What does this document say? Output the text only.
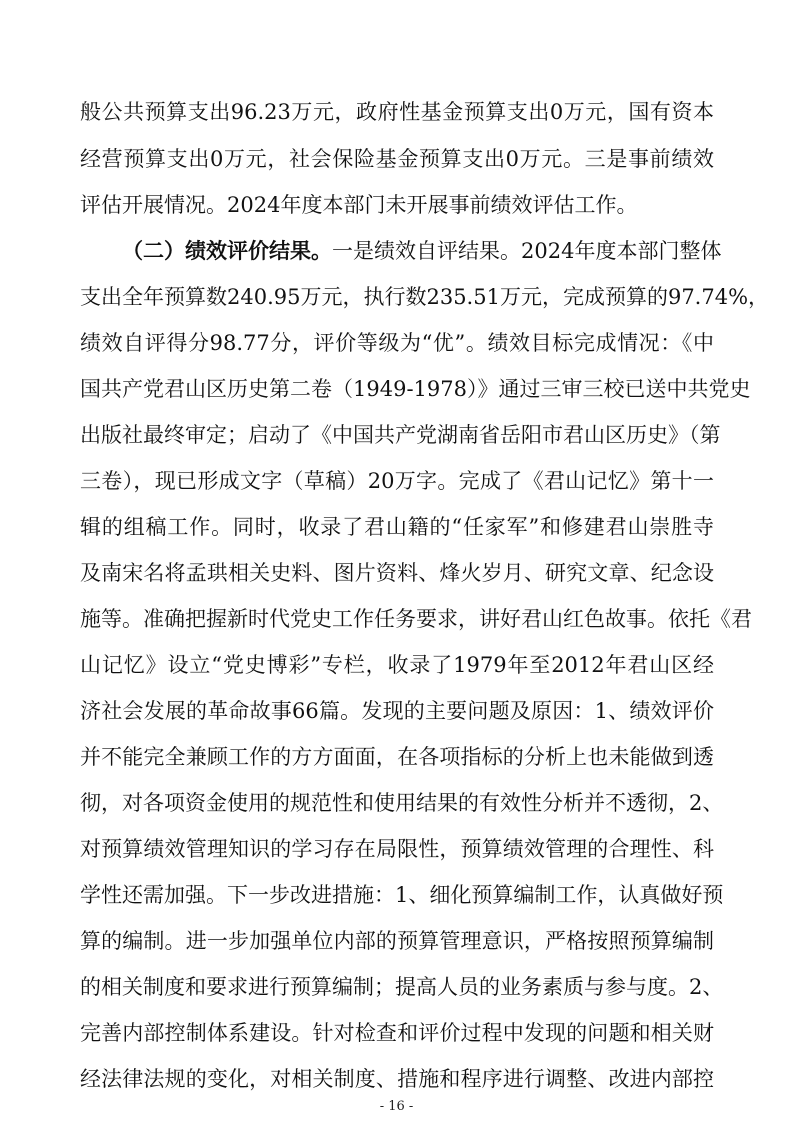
般公共预算支出96.23万元，政府性基金预算支出0万元，国有资本
经营预算支出0万元，社会保险基金预算支出0万元。三是事前绩效
评估开展情况。2024年度本部门未开展事前绩效评估工作。
（二）绩效评价结果。一是绩效自评结果。2024年度本部门整体
支出全年预算数240.95万元，执行数235.51万元，完成预算的97.74%，
绩效自评得分98.77分，评价等级为“优”。绩效目标完成情况：《中
国共产党君山区历史第二卷（1949-1978）》通过三审三校已送中共党史
出版社最终审定；启动了《中国共产党湖南省岳阳市君山区历史》（第
三卷），现已形成文字（草稿）20万字。完成了《君山记忆》第十一
辑的组稿工作。同时，收录了君山籍的“任家军”和修建君山崇胜寺
及南宋名将孟珙相关史料、图片资料、烽火岁月、研究文章、纪念设
施等。准确把握新时代党史工作任务要求，讲好君山红色故事。依托《君
山记忆》设立“党史博彩”专栏，收录了1979年至2012年君山区经
济社会发展的革命故事66篇。发现的主要问题及原因：1、绩效评价
并不能完全兼顾工作的方方面面，在各项指标的分析上也未能做到透
彻，对各项资金使用的规范性和使用结果的有效性分析并不透彻，2、
对预算绩效管理知识的学习存在局限性，预算绩效管理的合理性、科
学性还需加强。下一步改进措施：1、细化预算编制工作，认真做好预
算的编制。进一步加强单位内部的预算管理意识，严格按照预算编制
的相关制度和要求进行预算编制；提高人员的业务素质与参与度。2、
完善内部控制体系建设。针对检查和评价过程中发现的问题和相关财
经法律法规的变化，对相关制度、措施和程序进行调整、改进内部控
- 16 -
